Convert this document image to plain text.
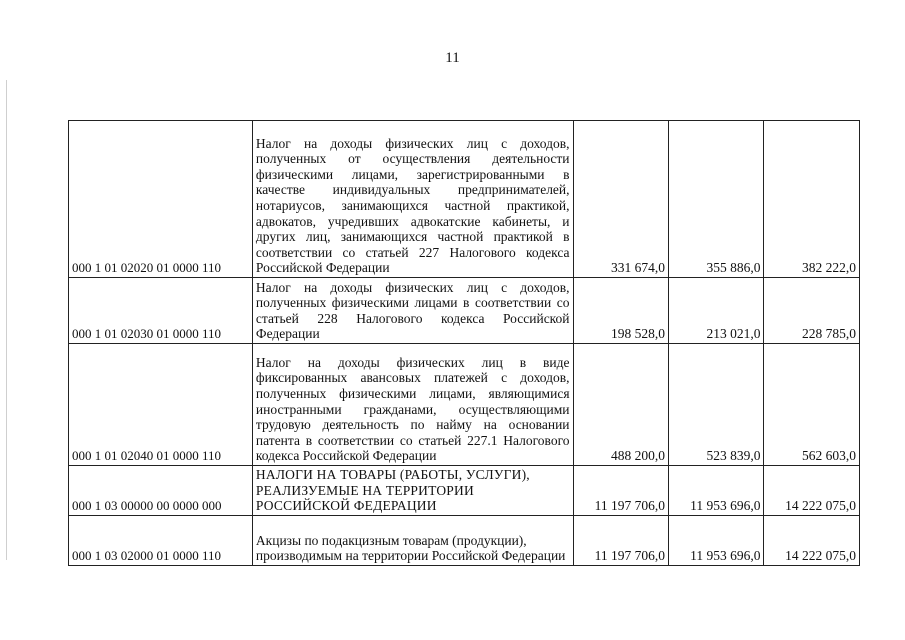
11
000 1 01 02020 01 0000 110	Налог на доходы физических лиц с доходов, полученных от осуществления деятельности физическими лицами, зарегистрированными в качестве индивидуальных предпринимателей, нотариусов, занимающихся частной практикой, адвокатов, учредивших адвокатские кабинеты, и других лиц, занимающихся частной практикой в соответствии со статьей 227 Налогового кодекса Российской Федерации	331 674,0	355 886,0	382 222,0
000 1 01 02030 01 0000 110	Налог на доходы физических лиц с доходов, полученных физическими лицами в соответствии со статьей 228 Налогового кодекса Российской Федерации	198 528,0	213 021,0	228 785,0
000 1 01 02040 01 0000 110	Налог на доходы физических лиц в виде фиксированных авансовых платежей с доходов, полученных физическими лицами, являющимися иностранными гражданами, осуществляющими трудовую деятельность по найму на основании патента в соответствии со статьей 227.1 Налогового кодекса Российской Федерации	488 200,0	523 839,0	562 603,0
000 1 03 00000 00 0000 000	НАЛОГИ НА ТОВАРЫ (РАБОТЫ, УСЛУГИ), РЕАЛИЗУЕМЫЕ НА ТЕРРИТОРИИ РОССИЙСКОЙ ФЕДЕРАЦИИ	11 197 706,0	11 953 696,0	14 222 075,0
000 1 03 02000 01 0000 110	Акцизы по подакцизным товарам (продукции), производимым на территории Российской Федерации	11 197 706,0	11 953 696,0	14 222 075,0
